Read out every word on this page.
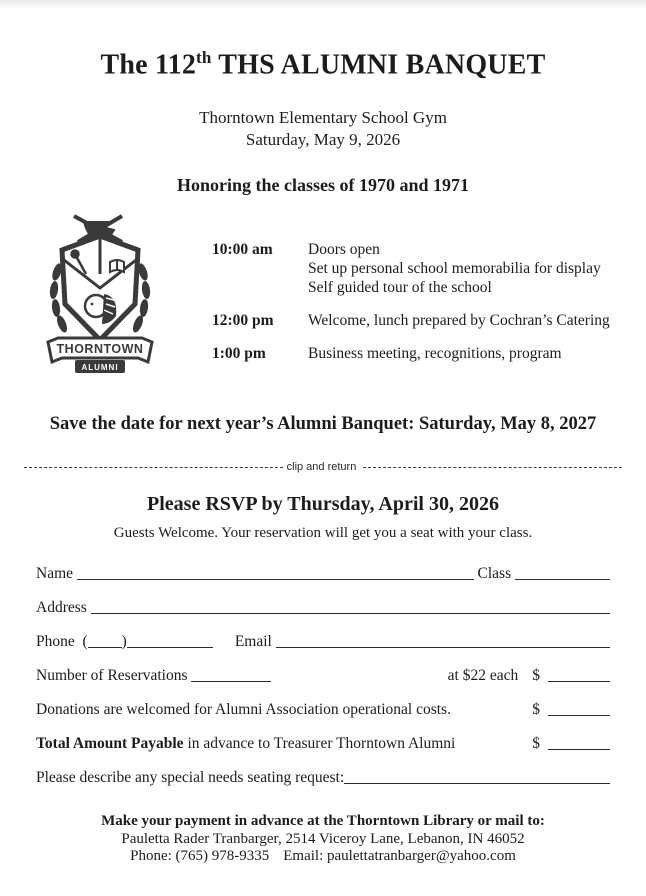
The 112th THS ALUMNI BANQUET
Thorntown Elementary School Gym
Saturday, May 9, 2026
Honoring the classes of 1970 and 1971
THORNTOWN
ALUMNI
10:00 am	Doors open
Set up personal school memorabilia for display
Self guided tour of the school
12:00 pm	Welcome, lunch prepared by Cochran’s Catering
1:00 pm	Business meeting, recognitions, program
Save the date for next year’s Alumni Banquet: Saturday, May 8, 2027
clip and return
Please RSVP by Thursday, April 30, 2026
Guests Welcome. Your reservation will get you a seat with your class.
Name	Class
Address
Phone ( )	Email
Number of Reservations	at $22 each $
Donations are welcomed for Alumni Association operational costs.	$
Total Amount Payable in advance to Treasurer Thorntown Alumni	$
Please describe any special needs seating request:
Make your payment in advance at the Thorntown Library or mail to:
Pauletta Rader Tranbarger, 2514 Viceroy Lane, Lebanon, IN 46052
Phone: (765) 978-9335 Email: paulettatranbarger@yahoo.com
